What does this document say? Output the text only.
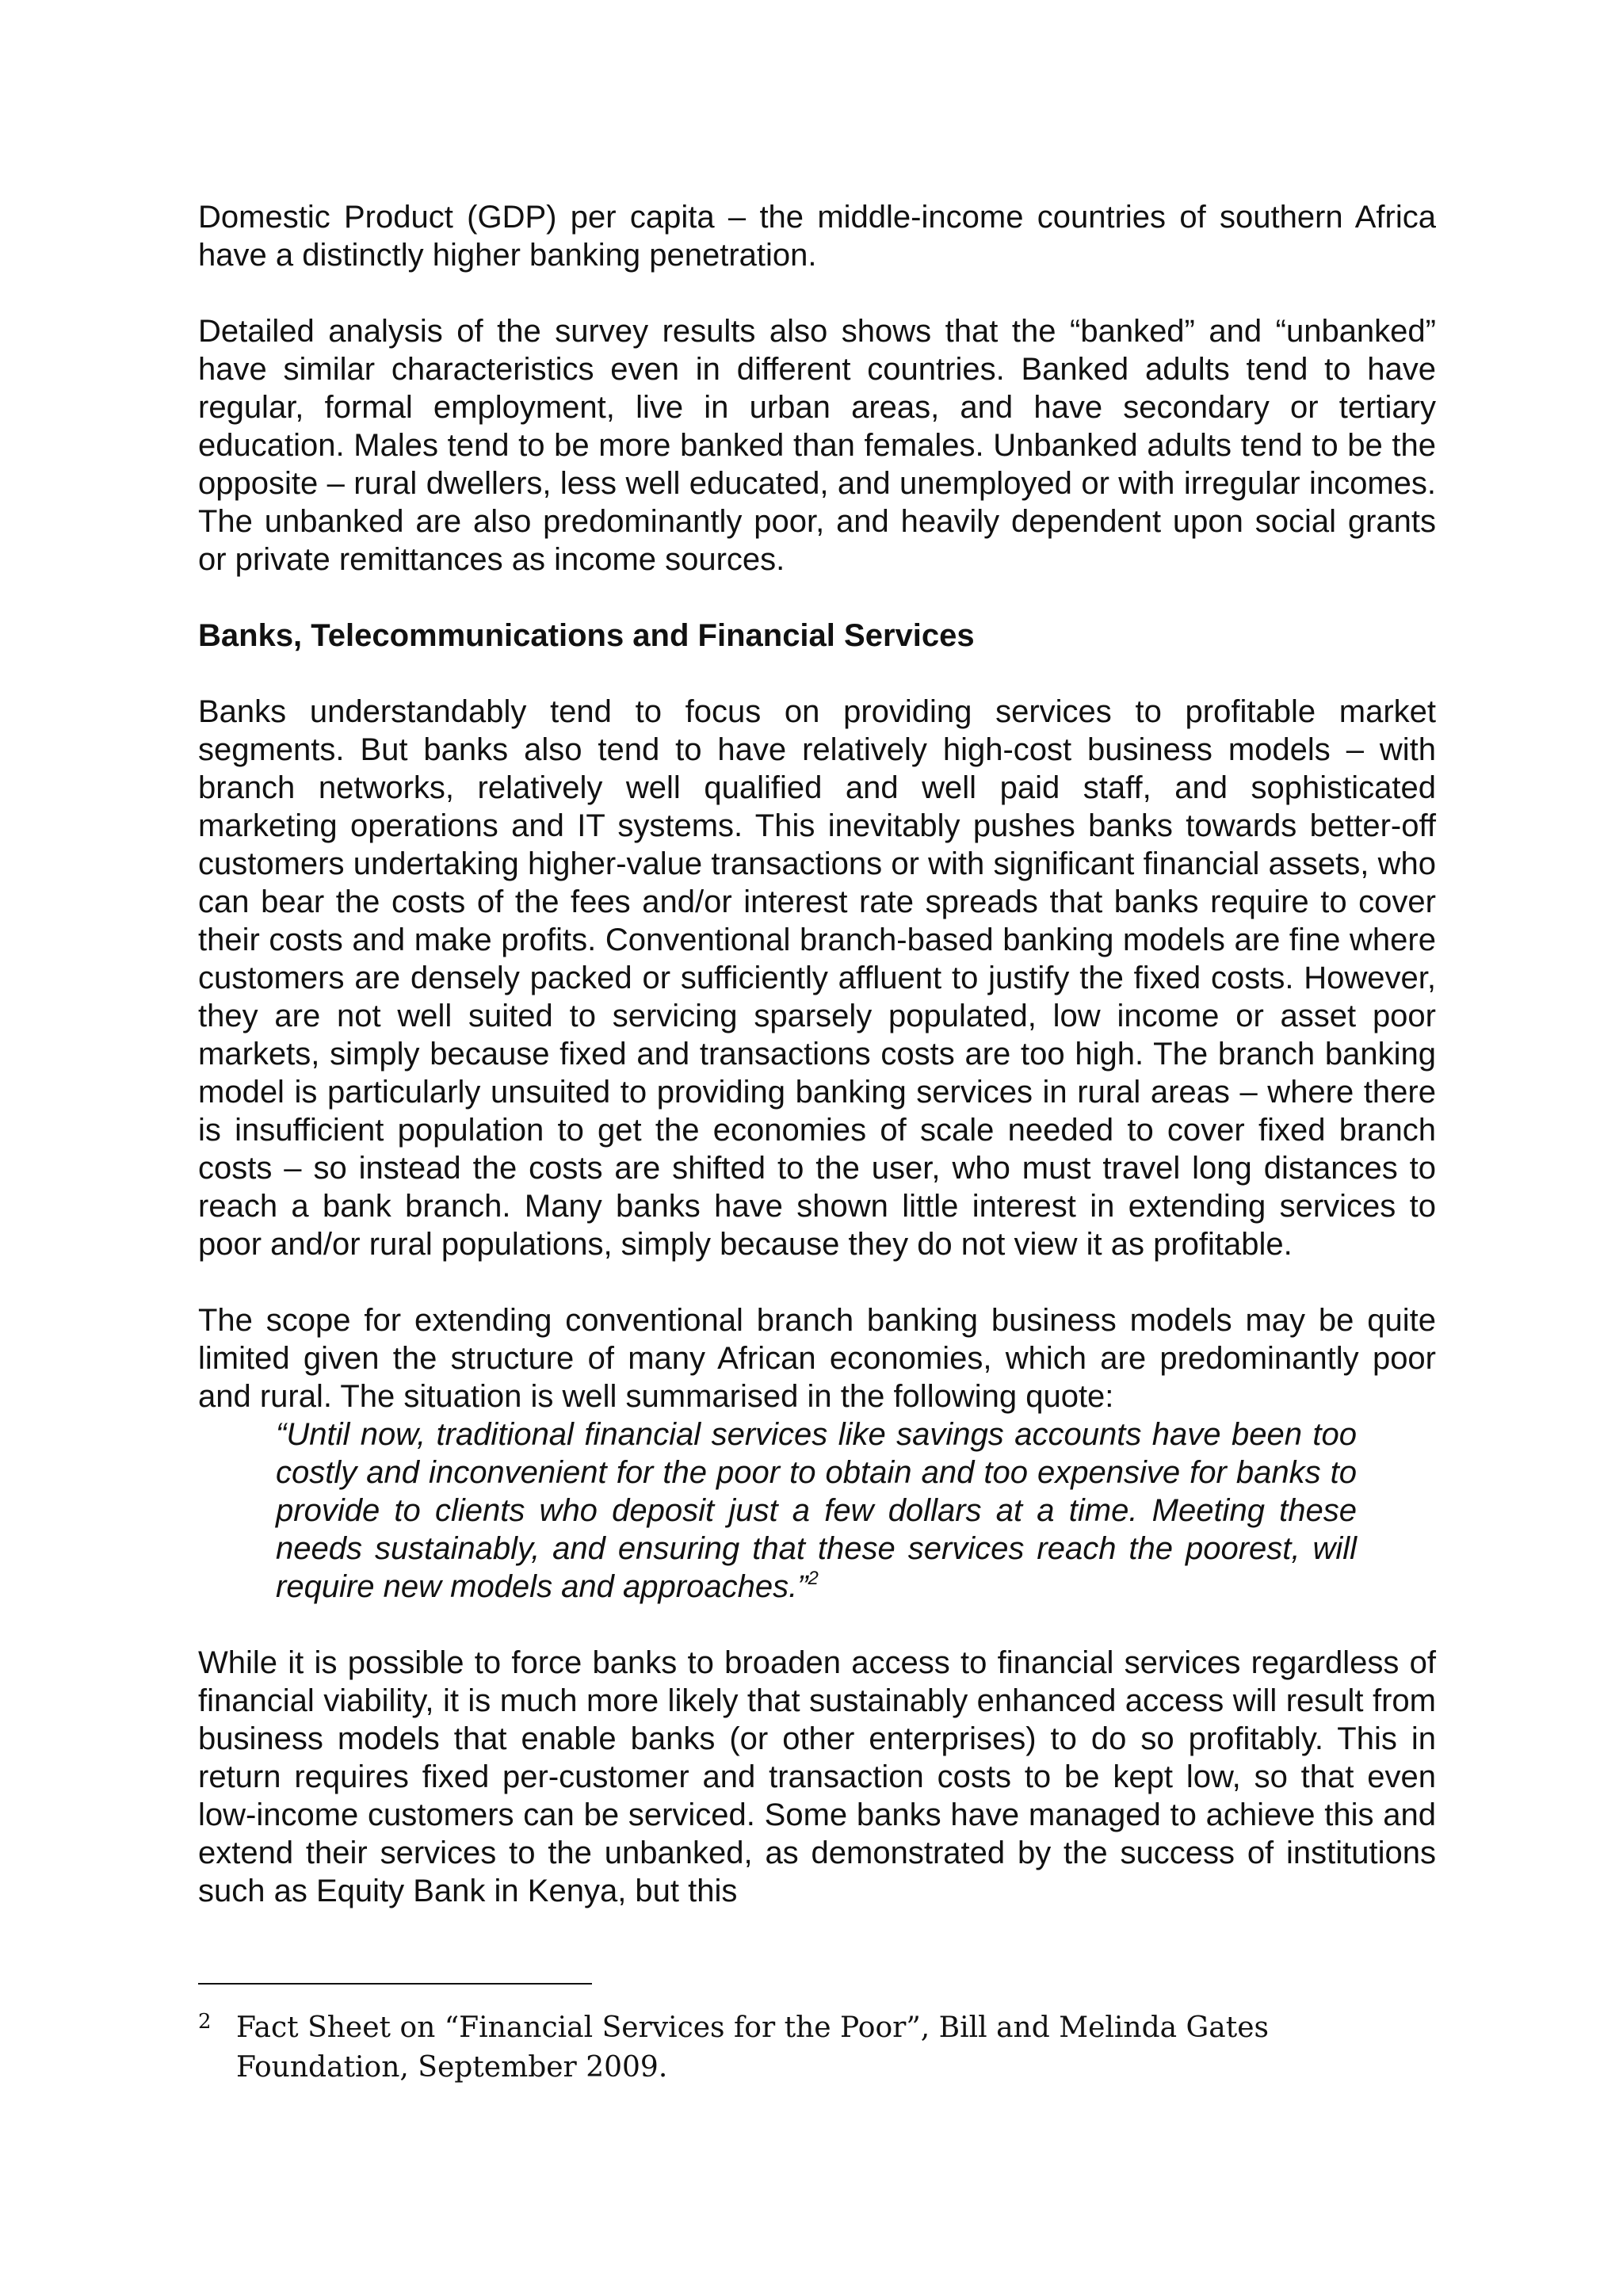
Domestic Product (GDP) per capita – the middle-income countries of southern Africa have a distinctly higher banking penetration.

Detailed analysis of the survey results also shows that the “banked” and “unbanked” have similar characteristics even in different countries. Banked adults tend to have regular, formal employment, live in urban areas, and have secondary or tertiary education. Males tend to be more banked than females. Unbanked adults tend to be the opposite – rural dwellers, less well educated, and unemployed or with irregular incomes. The unbanked are also predominantly poor, and heavily dependent upon social grants or private remittances as income sources.

Banks, Telecommunications and Financial Services

Banks understandably tend to focus on providing services to profitable market segments. But banks also tend to have relatively high-cost business models – with branch networks, relatively well qualified and well paid staff, and sophisticated marketing operations and IT systems. This inevitably pushes banks towards better-off customers undertaking higher-value transactions or with significant financial assets, who can bear the costs of the fees and/or interest rate spreads that banks require to cover their costs and make profits. Conventional branch-based banking models are fine where customers are densely packed or sufficiently affluent to justify the fixed costs. However, they are not well suited to servicing sparsely populated, low income or asset poor markets, simply because fixed and transactions costs are too high. The branch banking model is particularly unsuited to providing banking services in rural areas – where there is insufficient population to get the economies of scale needed to cover fixed branch costs – so instead the costs are shifted to the user, who must travel long distances to reach a bank branch. Many banks have shown little interest in extending services to poor and/or rural populations, simply because they do not view it as profitable.

The scope for extending conventional branch banking business models may be quite limited given the structure of many African economies, which are predominantly poor and rural. The situation is well summarised in the following quote:

“Until now, traditional financial services like savings accounts have been too costly and inconvenient for the poor to obtain and too expensive for banks to provide to clients who deposit just a few dollars at a time. Meeting these needs sustainably, and ensuring that these services reach the poorest, will require new models and approaches.”$^2$

While it is possible to force banks to broaden access to financial services regardless of financial viability, it is much more likely that sustainably enhanced access will result from business models that enable banks (or other enterprises) to do so profitably. This in return requires fixed per-customer and transaction costs to be kept low, so that even low-income customers can be serviced. Some banks have managed to achieve this and extend their services to the unbanked, as demonstrated by the success of institutions such as Equity Bank in Kenya, but this

2 Fact Sheet on “Financial Services for the Poor”, Bill and Melinda Gates Foundation, September 2009.
